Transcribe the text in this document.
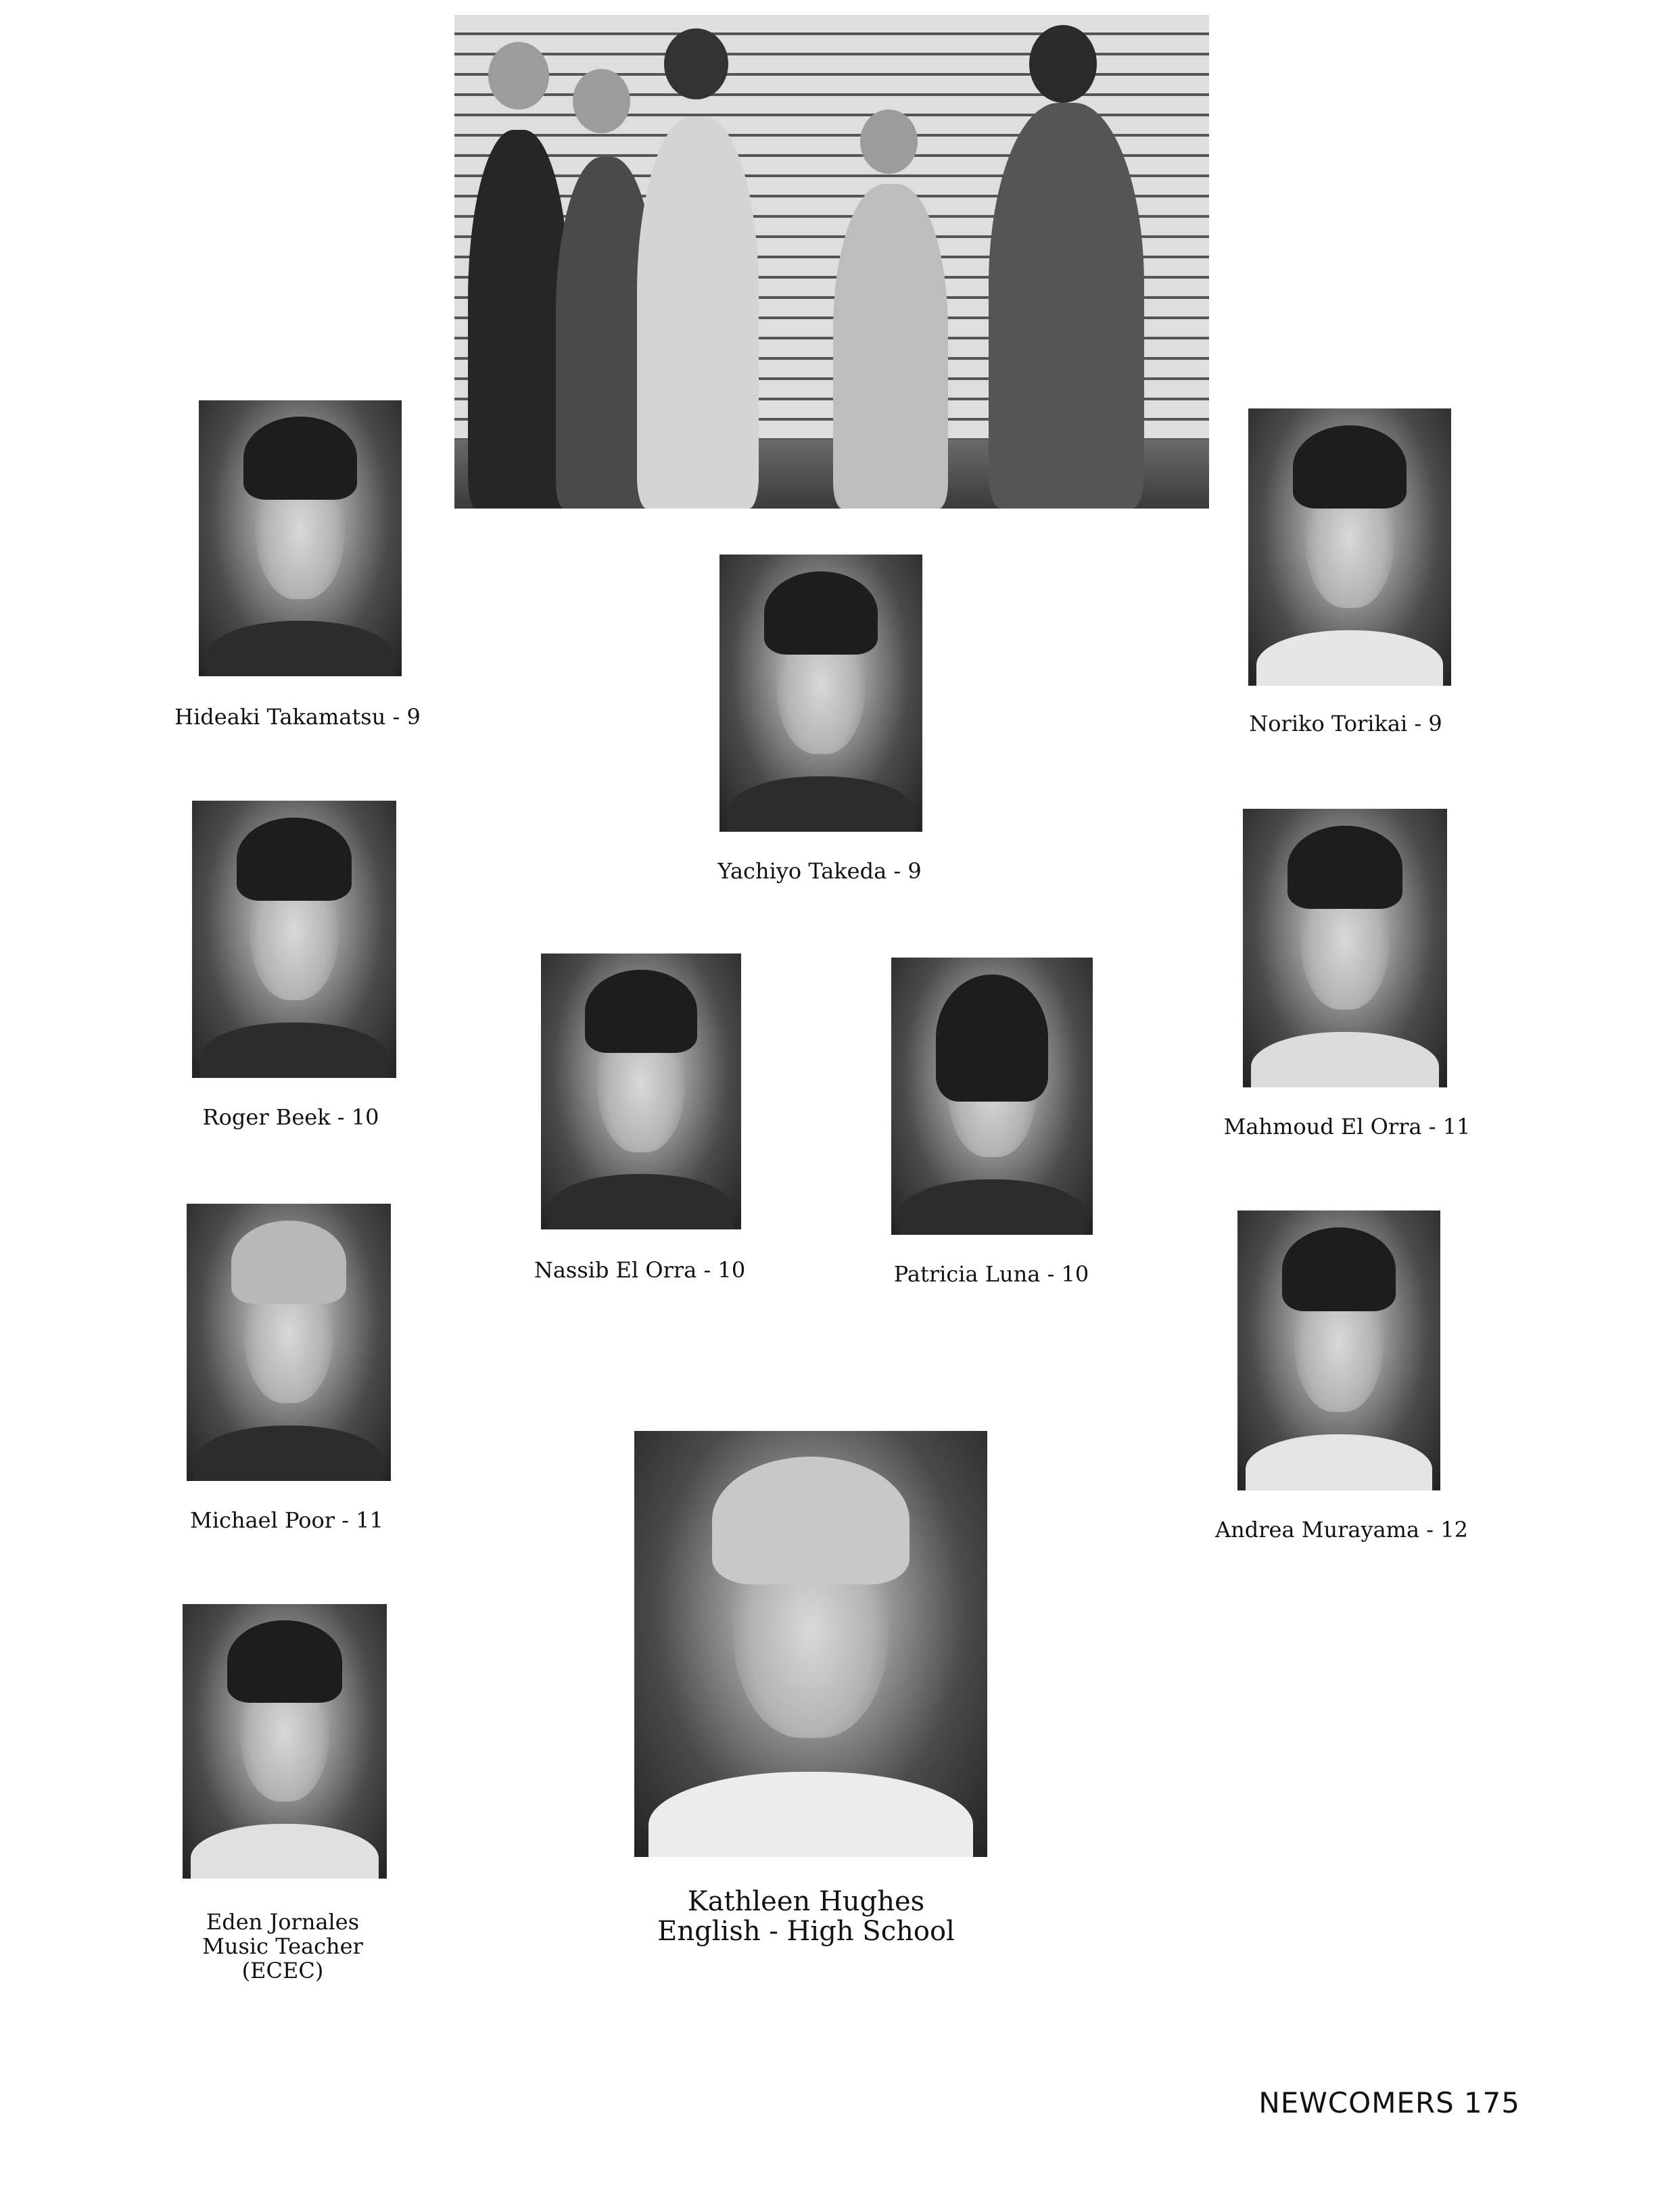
Hideaki Takamatsu - 9	Noriko Torikai - 9
Yachiyo Takeda - 9
Roger Beek - 10	Mahmoud El Orra - 11
Nassib El Orra - 10	Patricia Luna - 10
Michael Poor - 11	Andrea Murayama - 12
Eden Jornales
Music Teacher
(ECEC)
Kathleen Hughes
English - High School
NEWCOMERS 175
